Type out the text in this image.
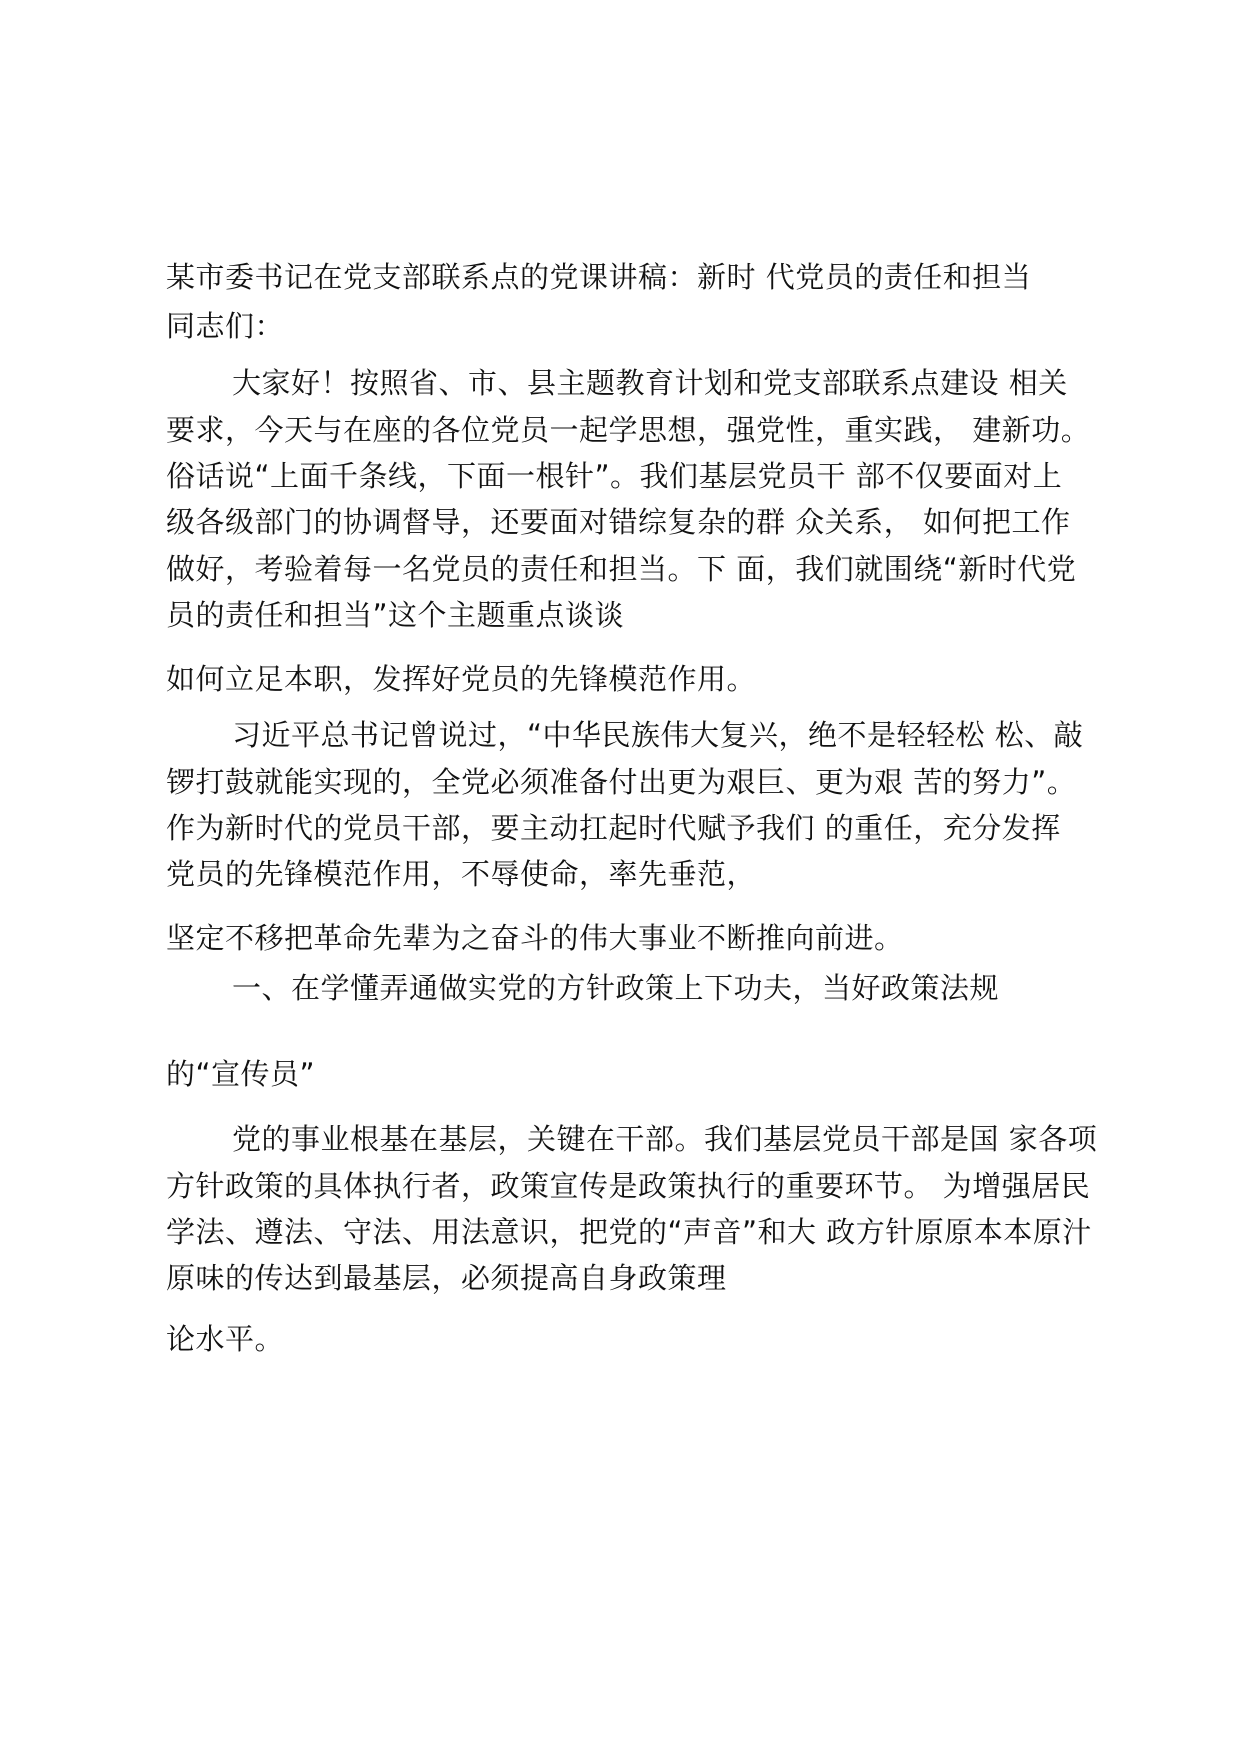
某市委书记在党支部联系点的党课讲稿：新时 代党员的责任和担当
同志们：
大家好！按照省、市、县主题教育计划和党支部联系点建设 相关
要求，今天与在座的各位党员一起学思想，强党性，重实践， 建新功。
俗话说“上面千条线，下面一根针”。我们基层党员干 部不仅要面对上
级各级部门的协调督导，还要面对错综复杂的群 众关系， 如何把工作
做好，考验着每一名党员的责任和担当。下 面，我们就围绕“新时代党
员的责任和担当”这个主题重点谈谈
如何立足本职，发挥好党员的先锋模范作用。
习近平总书记曾说过，“中华民族伟大复兴，绝不是轻轻松 松、敲
锣打鼓就能实现的，全党必须准备付出更为艰巨、更为艰 苦的努力”。
作为新时代的党员干部，要主动扛起时代赋予我们 的重任，充分发挥
党员的先锋模范作用，不辱使命，率先垂范，
坚定不移把革命先辈为之奋斗的伟大事业不断推向前进。
一、在学懂弄通做实党的方针政策上下功夫，当好政策法规
的“宣传员”
党的事业根基在基层，关键在干部。我们基层党员干部是国 家各项
方针政策的具体执行者，政策宣传是政策执行的重要环节。 为增强居民
学法、遵法、守法、用法意识，把党的“声音”和大 政方针原原本本原汁
原味的传达到最基层，必须提高自身政策理
论水平。
